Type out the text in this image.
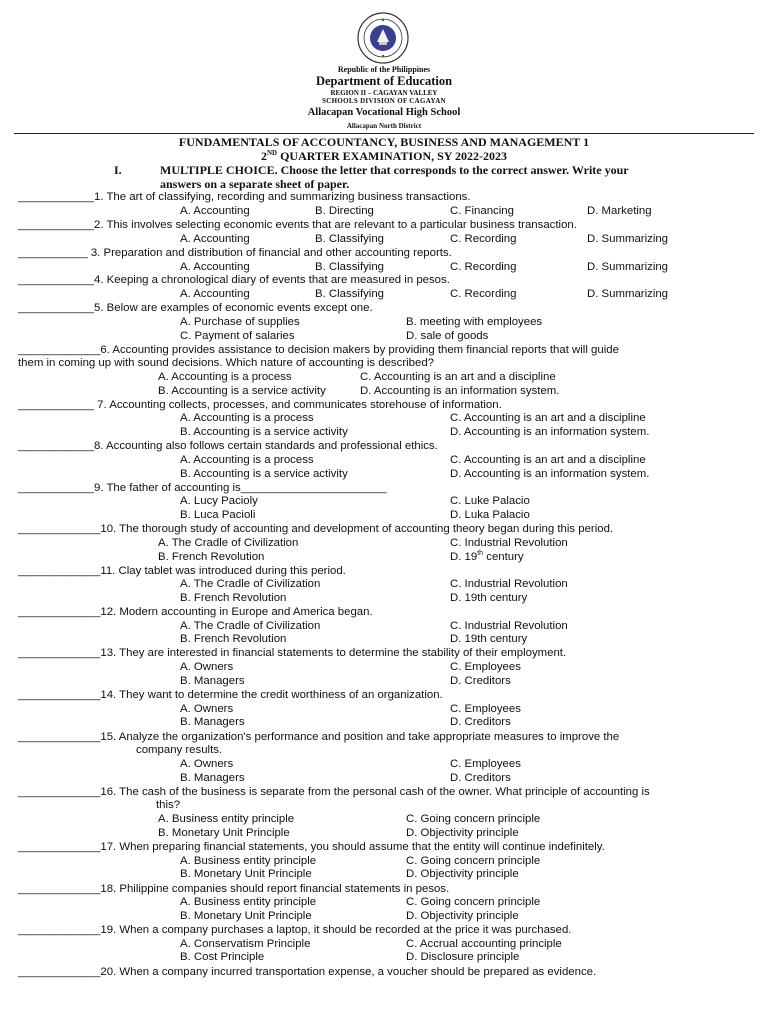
Republic of the Philippines
Department of Education
REGION II – CAGAYAN VALLEY
SCHOOLS DIVISION OF CAGAYAN
Allacapan Vocational High School
Allacapan North District
FUNDAMENTALS OF ACCOUNTANCY, BUSINESS AND MANAGEMENT 1
2ND QUARTER EXAMINATION, SY 2022-2023
I.	MULTIPLE CHOICE. Choose the letter that corresponds to the correct answer. Write your
answers on a separate sheet of paper.
____________1. The art of classifying, recording and summarizing business transactions.
A. Accounting	B. Directing	C. Financing	D. Marketing
____________2. This involves selecting economic events that are relevant to a particular business transaction.
A. Accounting	B. Classifying	C. Recording	D. Summarizing
___________ 3. Preparation and distribution of financial and other accounting reports.
A. Accounting	B. Classifying	C. Recording	D. Summarizing
____________4. Keeping a chronological diary of events that are measured in pesos.
A. Accounting	B. Classifying	C. Recording	D. Summarizing
____________5. Below are examples of economic events except one.
A. Purchase of supplies	B. meeting with employees
C. Payment of salaries	D. sale of goods
_____________6. Accounting provides assistance to decision makers by providing them financial reports that will guide
them in coming up with sound decisions. Which nature of accounting is described?
A. Accounting is a process	C. Accounting is an art and a discipline
B. Accounting is a service activity	D. Accounting is an information system.
____________ 7. Accounting collects, processes, and communicates storehouse of information.
A. Accounting is a process	C. Accounting is an art and a discipline
B. Accounting is a service activity	D. Accounting is an information system.
____________8. Accounting also follows certain standards and professional ethics.
A. Accounting is a process	C. Accounting is an art and a discipline
B. Accounting is a service activity	D. Accounting is an information system.
____________9. The father of accounting is_______________________
A. Lucy Pacioly	C. Luke Palacio
B. Luca Pacioli	D. Luka Palacio
_____________10. The thorough study of accounting and development of accounting theory began during this period.
A. The Cradle of Civilization	C. Industrial Revolution
B. French Revolution	D. 19th century
_____________11. Clay tablet was introduced during this period.
A. The Cradle of Civilization	C. Industrial Revolution
B. French Revolution	D. 19th century
_____________12. Modern accounting in Europe and America began.
A. The Cradle of Civilization	C. Industrial Revolution
B. French Revolution	D. 19th century
_____________13. They are interested in financial statements to determine the stability of their employment.
A. Owners	C. Employees
B. Managers	D. Creditors
_____________14. They want to determine the credit worthiness of an organization.
A. Owners	C. Employees
B. Managers	D. Creditors
_____________15. Analyze the organization's performance and position and take appropriate measures to improve the
company results.
A. Owners	C. Employees
B. Managers	D. Creditors
_____________16. The cash of the business is separate from the personal cash of the owner. What principle of accounting is
this?
A. Business entity principle	C. Going concern principle
B. Monetary Unit Principle	D. Objectivity principle
_____________17. When preparing financial statements, you should assume that the entity will continue indefinitely.
A. Business entity principle	C. Going concern principle
B. Monetary Unit Principle	D. Objectivity principle
_____________18. Philippine companies should report financial statements in pesos.
A. Business entity principle	C. Going concern principle
B. Monetary Unit Principle	D. Objectivity principle
_____________19. When a company purchases a laptop, it should be recorded at the price it was purchased.
A. Conservatism Principle	C. Accrual accounting principle
B. Cost Principle	D. Disclosure principle
_____________20. When a company incurred transportation expense, a voucher should be prepared as evidence.
